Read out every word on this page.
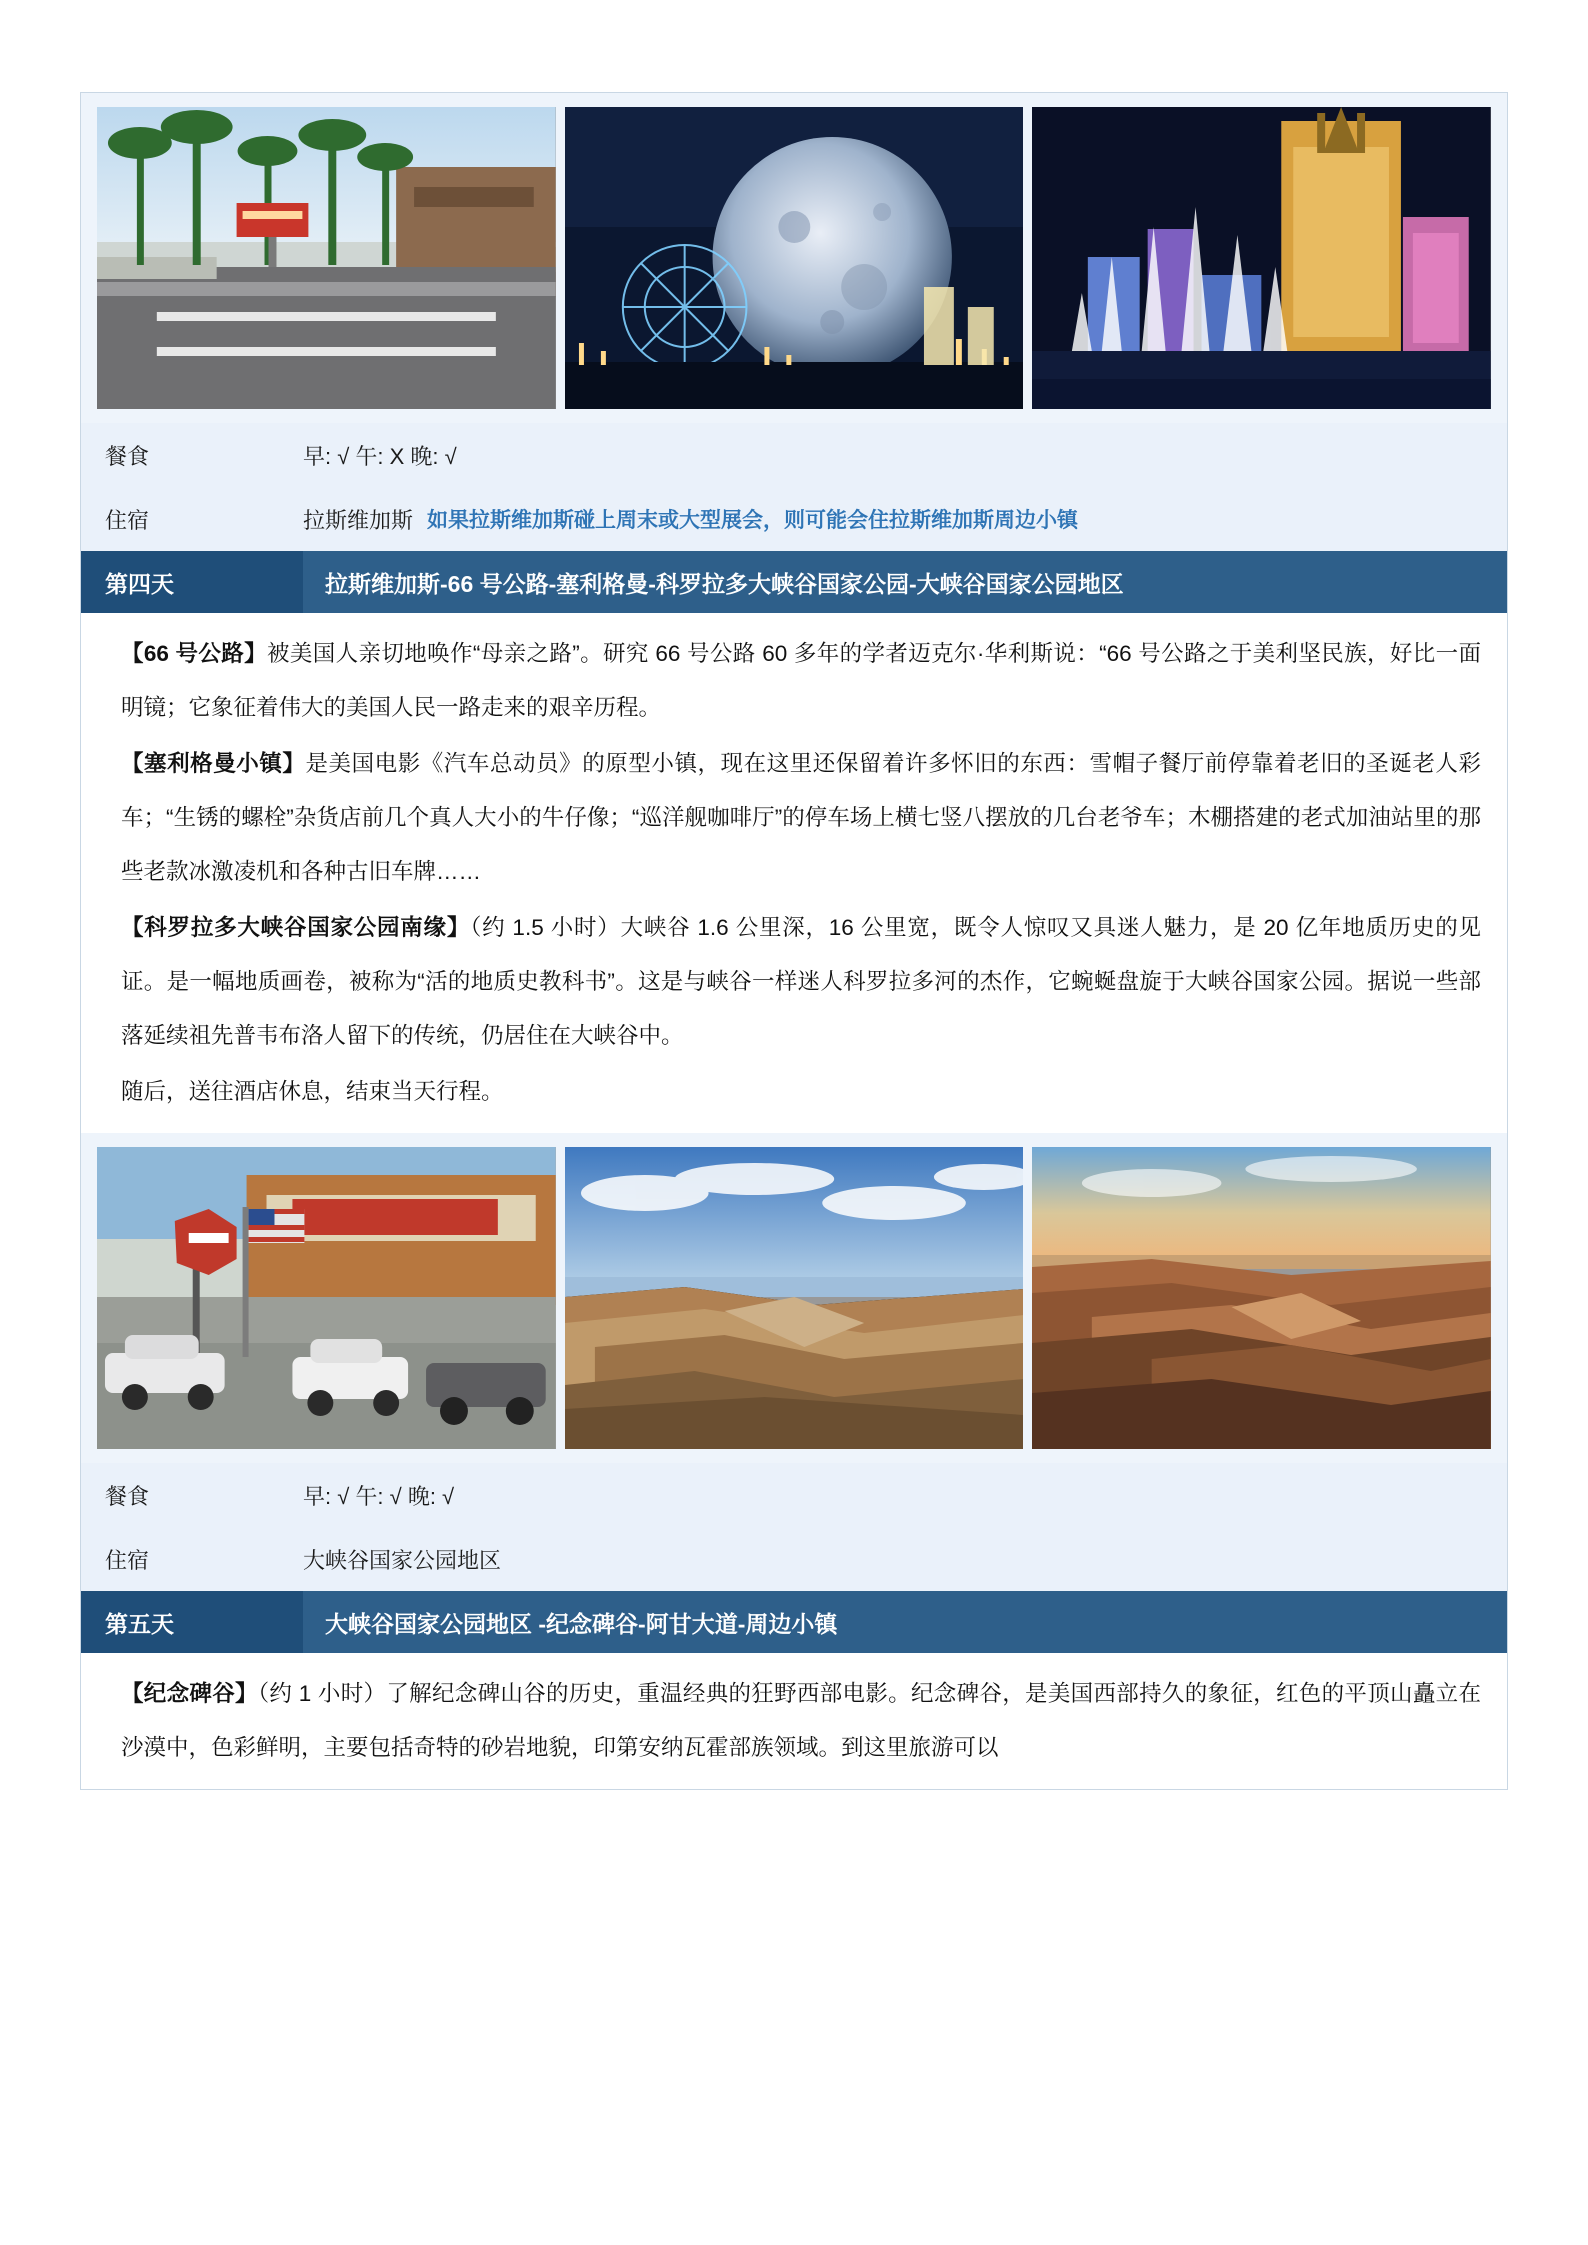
餐食	早: √ 午: X 晚: √

住宿	拉斯维加斯 如果拉斯维加斯碰上周末或大型展会，则可能会住拉斯维加斯周边小镇

第四天	拉斯维加斯-66 号公路-塞利格曼-科罗拉多大峡谷国家公园-大峡谷国家公园地区

【66 号公路】被美国人亲切地唤作“母亲之路”。研究 66 号公路 60 多年的学者迈克尔·华利斯说：“66 号公路之于美利坚民族，好比一面明镜；它象征着伟大的美国人民一路走来的艰辛历程。

【塞利格曼小镇】是美国电影《汽车总动员》的原型小镇，现在这里还保留着许多怀旧的东西：雪帽子餐厅前停靠着老旧的圣诞老人彩车；“生锈的螺栓”杂货店前几个真人大小的牛仔像；“巡洋舰咖啡厅”的停车场上横七竖八摆放的几台老爷车；木棚搭建的老式加油站里的那些老款冰激凌机和各种古旧车牌……

【科罗拉多大峡谷国家公园南缘】（约 1.5 小时）大峡谷 1.6 公里深，16 公里宽，既令人惊叹又具迷人魅力，是 20 亿年地质历史的见证。是一幅地质画卷，被称为“活的地质史教科书”。这是与峡谷一样迷人科罗拉多河的杰作，它蜿蜒盘旋于大峡谷国家公园。据说一些部落延续祖先普韦布洛人留下的传统，仍居住在大峡谷中。

随后，送往酒店休息，结束当天行程。

餐食	早: √ 午: √ 晚: √

住宿	大峡谷国家公园地区

第五天	大峡谷国家公园地区 -纪念碑谷-阿甘大道-周边小镇

【纪念碑谷】（约 1 小时）了解纪念碑山谷的历史，重温经典的狂野西部电影。纪念碑谷，是美国西部持久的象征，红色的平顶山矗立在沙漠中，色彩鲜明，主要包括奇特的砂岩地貌，印第安纳瓦霍部族领域。到这里旅游可以
